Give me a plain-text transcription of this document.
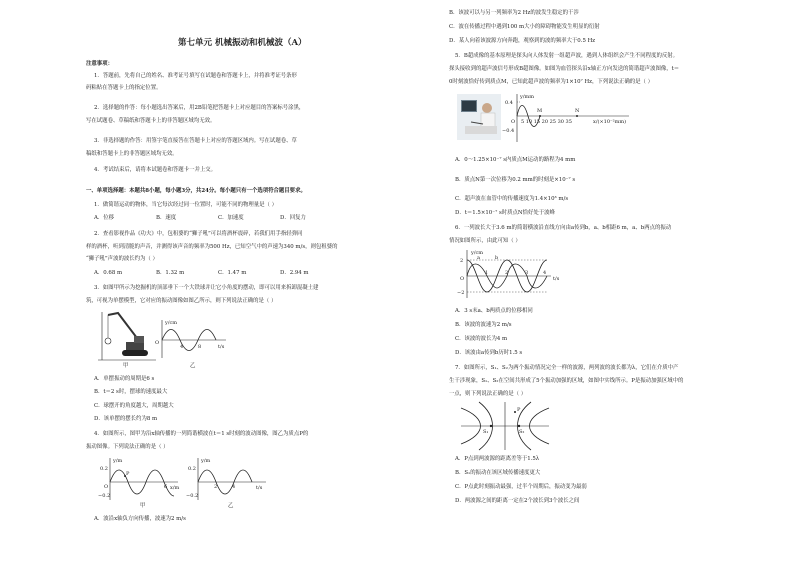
第七单元 机械振动和机械波（A）
注意事项：
1．答题前，先将自己的姓名、准考证号填写在试题卷和答题卡上，并将准考证号条形
码粘贴在答题卡上的指定位置。
2．选择题的作答：每小题选出答案后，用2B铅笔把答题卡上对应题目的答案标号涂黑，
写在试题卷、草稿纸和答题卡上的非答题区域均无效。
3．非选择题的作答：用签字笔直接答在答题卡上对应的答题区域内。写在试题卷、草
稿纸和答题卡上的非答题区域均无效。
4．考试结束后，请将本试题卷和答题卡一并上交。
一、单项选择题：本题共8小题，每小题3分，共24分。每小题只有一个选项符合题目要求。
1．做简谐运动的物体，当它每次经过同一位置时，可能不同的物理量是（ ）
A．位移	B．速度	C．加速度	D．回复力
2．查看影视作品《功夫》中，包租婆的“狮子吼”可以将酒杯震碎，若我们用手指轻弹同
样的酒杯，听到清脆的声音，并测得该声音的频率为500 Hz，已知空气中的声速为340 m/s，则包租婆的
“狮子吼”声波的波长约为（ ）
A．0.68 m	B．1.32 m	C．1.47 m	D．2.94 m
3．如图甲所示为挖掘机的顶部垂下一个大铁球并让它小角度的摆动，即可以用来拆卸混凝土建
筑，可视为单摆模型，它对应的振动图像如图乙所示，则下列说法正确的是（ ）
甲
y/cm
t/s
O
4	8
乙
A．单摆振动的周期是6 s
B．t＝2 s时，摆球的速度最大
C．球摆开的角度越大，周期越大
D．该单摆的摆长约为8 m
4．如图所示，图甲为沿x轴传播的一列简谐横波在t＝1 s时刻的波动图像，图乙为质点P的
振动图像。下列说法正确的是（ ）
P
y/m
0.2
−0.2
O	6 x/m
甲
y/m
0.2
−0.2
2	4	t/s
乙
A．波沿x轴负方向传播，波速为2 m/s
B．该波可以与另一列频率为2 Hz的波发生稳定的干涉
C．波在传播过程中遇到100 m大小的障碍物能发生明显的衍射
D．某人向着该波源方向奔跑，观察到的波的频率大于0.5 Hz
5．B超成像的基本原理是探头向人体发射一组超声波，遇到人体组织会产生不同程度的反射。
探头接收到的超声波信号形成B超图像。如图为血管探头沿x轴正方向发送的简谐超声波图像，t＝
0时刻波恰好传到质点M，已知此超声波的频率为1×10⁷ Hz，下列说法正确的是（ ）
M	N
y/mm
0.4
−0.4
O 5 10 15 20 25 30 35	x/(×10⁻²mm)
A．0～1.25×10⁻⁷ s内质点M运动的路程为4 mm
B．质点N第一次位移为0.2 mm的时刻是×10⁻⁷ s
C．超声波在血管中的传播速度为1.4×10³ m/s
D．t＝1.5×10⁻⁷ s时质点N恰好处于波峰
6．一列波长大于3.6 m的简谐横波沿直线方向由a传到b，a、b相距6 m，a、b两点的振动
情况如图所示，由此可知（ ）
y/cm
2
−2
O
1	2	3	4
a	b
t/s
A．3 s末a、b两质点的位移相同
B．该波的波速为2 m/s
C．该波的波长为4 m
D．该波由a传到b历时1.5 s
7．如图所示，S₁、S₂为两个振动情况完全一样的波源，两列波的波长都为λ，它们在介质中产
生干涉现象，S₁、S₂在空间共形成了5个振动加强的区域，如图中实线所示。P是振动加强区域中的
一点，则下列说法正确的是（ ）
S₁	S₂
P
A．P点到两波源的距离差等于1.5λ
B．S₁的振动在该区域传播速度更大
C．P点此时刻振动最强，过半个周期后，振动变为最弱
D．两波源之间的距离一定在2个波长到3个波长之间
